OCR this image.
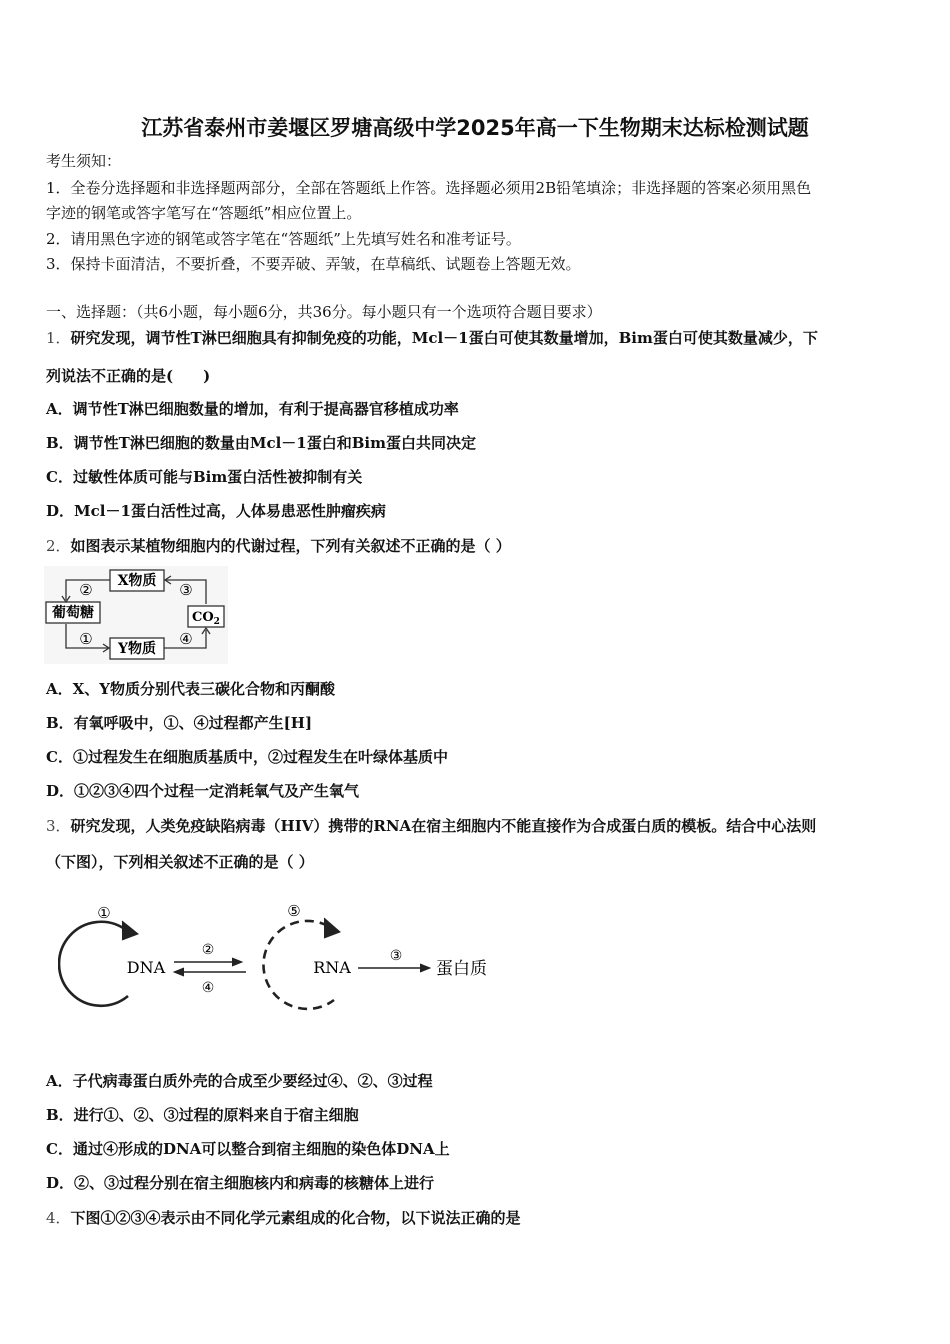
江苏省泰州市姜堰区罗塘高级中学2025年高一下生物期末达标检测试题
考生须知：
1．全卷分选择题和非选择题两部分，全部在答题纸上作答。选择题必须用2B铅笔填涂；非选择题的答案必须用黑色
字迹的钢笔或答字笔写在“答题纸”相应位置上。
2．请用黑色字迹的钢笔或答字笔在“答题纸”上先填写姓名和准考证号。
3．保持卡面清洁，不要折叠，不要弄破、弄皱，在草稿纸、试题卷上答题无效。
一、选择题：（共6小题，每小题6分，共36分。每小题只有一个选项符合题目要求）
1．研究发现，调节性T淋巴细胞具有抑制免疫的功能，Mcl－1蛋白可使其数量增加，Bim蛋白可使其数量减少，下
列说法不正确的是(　　)
A．调节性T淋巴细胞数量的增加，有利于提高器官移植成功率
B．调节性T淋巴细胞的数量由Mcl－1蛋白和Bim蛋白共同决定
C．过敏性体质可能与Bim蛋白活性被抑制有关
D．Mcl－1蛋白活性过高，人体易患恶性肿瘤疾病
2．如图表示某植物细胞内的代谢过程，下列有关叙述不正确的是（ ）
X物质
葡萄糖	$CO_2$
Y物质
②	③
①	④
A．X、Y物质分别代表三碳化合物和丙酮酸
B．有氧呼吸中，①、④过程都产生[H]
C．①过程发生在细胞质基质中，②过程发生在叶绿体基质中
D．①②③④四个过程一定消耗氧气及产生氧气
3．研究发现，人类免疫缺陷病毒（HIV）携带的RNA在宿主细胞内不能直接作为合成蛋白质的模板。结合中心法则
（下图），下列相关叙述不正确的是（ ）
①
DNA
②
④
⑤
RNA
③
蛋白质
A．子代病毒蛋白质外壳的合成至少要经过④、②、③过程
B．进行①、②、③过程的原料来自于宿主细胞
C．通过④形成的DNA可以整合到宿主细胞的染色体DNA上
D．②、③过程分别在宿主细胞核内和病毒的核糖体上进行
4．下图①②③④表示由不同化学元素组成的化合物，以下说法正确的是
